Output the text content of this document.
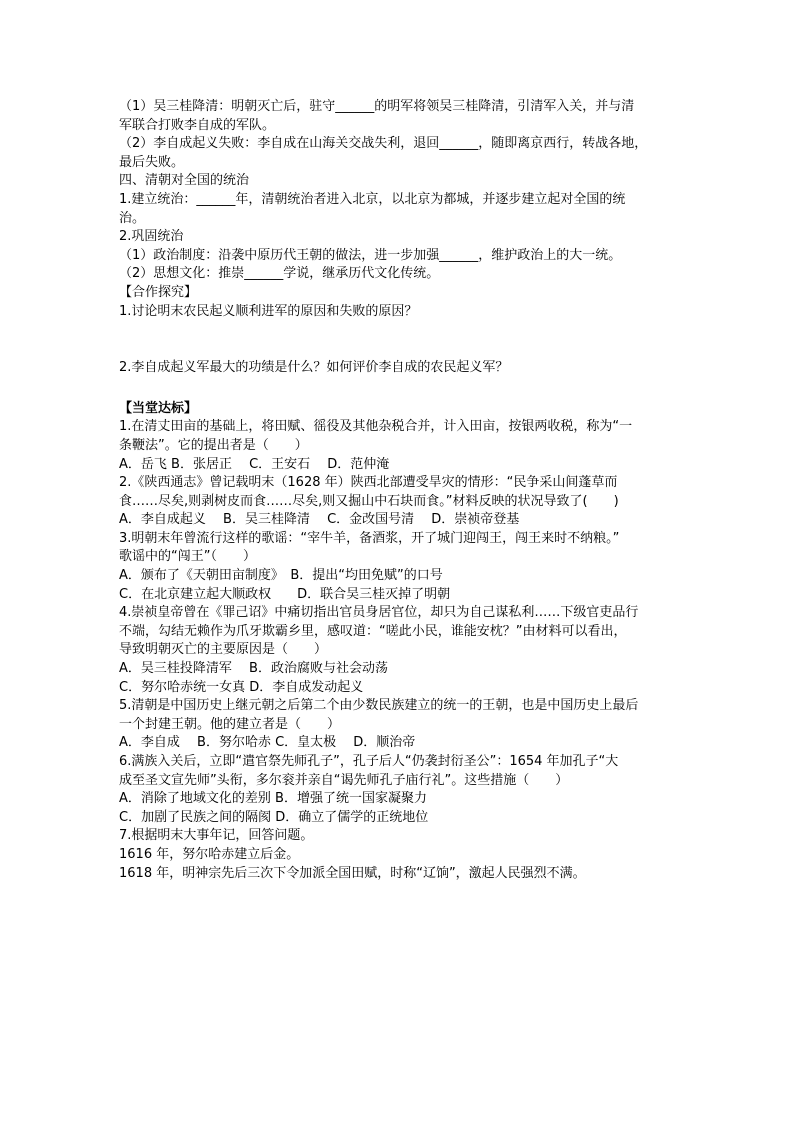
（1）吴三桂降清：明朝灭亡后，驻守______的明军将领吴三桂降清，引清军入关，并与清

军联合打败李自成的军队。

（2）李自成起义失败：李自成在山海关交战失利，退回______，随即离京西行，转战各地，

最后失败。

四、清朝对全国的统治

1.建立统治：______年，清朝统治者进入北京，以北京为都城，并逐步建立起对全国的统

治。

2.巩固统治

（1）政治制度：沿袭中原历代王朝的做法，进一步加强______，维护政治上的大一统。

（2）思想文化：推崇______学说，继承历代文化传统。

【合作探究】

1.讨论明末农民起义顺利进军的原因和失败的原因？

2.李自成起义军最大的功绩是什么？如何评价李自成的农民起义军？

【当堂达标】

1.在清丈田亩的基础上，将田赋、徭役及其他杂税合并，计入田亩，按银两收税，称为“一

条鞭法”。它的提出者是（　　）

A．岳飞 B．张居正　 C．王安石　 D．范仲淹

2.《陕西通志》曾记载明末（1628 年）陕西北部遭受旱灾的情形：“民争采山间蓬草而

食……尽矣,则剥树皮而食……尽矣,则又掘山中石块而食。”材料反映的状况导致了(　　)

A．李自成起义　 B．吴三桂降清　 C．金改国号清　 D．崇祯帝登基

3.明朝末年曾流行这样的歌谣：“宰牛羊，备酒浆，开了城门迎闯王，闯王来时不纳粮。”

歌谣中的“闯王”（　　）

A．颁布了《天朝田亩制度》　B．提出“均田免赋”的口号

C．在北京建立起大顺政权　　D．联合吴三桂灭掉了明朝

4.崇祯皇帝曾在《罪己诏》中痛切指出官员身居官位，却只为自己谋私利……下级官吏品行

不端，勾结无赖作为爪牙欺霸乡里，感叹道：“嗟此小民，谁能安枕？”由材料可以看出，

导致明朝灭亡的主要原因是（　　）

A．吴三桂投降清军　 B．政治腐败与社会动荡

C．努尔哈赤统一女真 D．李自成发动起义

5.清朝是中国历史上继元朝之后第二个由少数民族建立的统一的王朝，也是中国历史上最后

一个封建王朝。他的建立者是（　　）

A．李自成　 B．努尔哈赤 C．皇太极　 D．顺治帝

6.满族入关后，立即“遣官祭先师孔子”，孔子后人“仍袭封衍圣公”：1654 年加孔子“大

成至圣文宣先师”头衔，多尔衮并亲自“谒先师孔子庙行礼”。这些措施（　　）

A．消除了地域文化的差别 B．增强了统一国家凝聚力

C．加剧了民族之间的隔阂 D．确立了儒学的正统地位

7.根据明末大事年记，回答问题。

1616 年，努尔哈赤建立后金。

1618 年，明神宗先后三次下令加派全国田赋，时称“辽饷”，激起人民强烈不满。
